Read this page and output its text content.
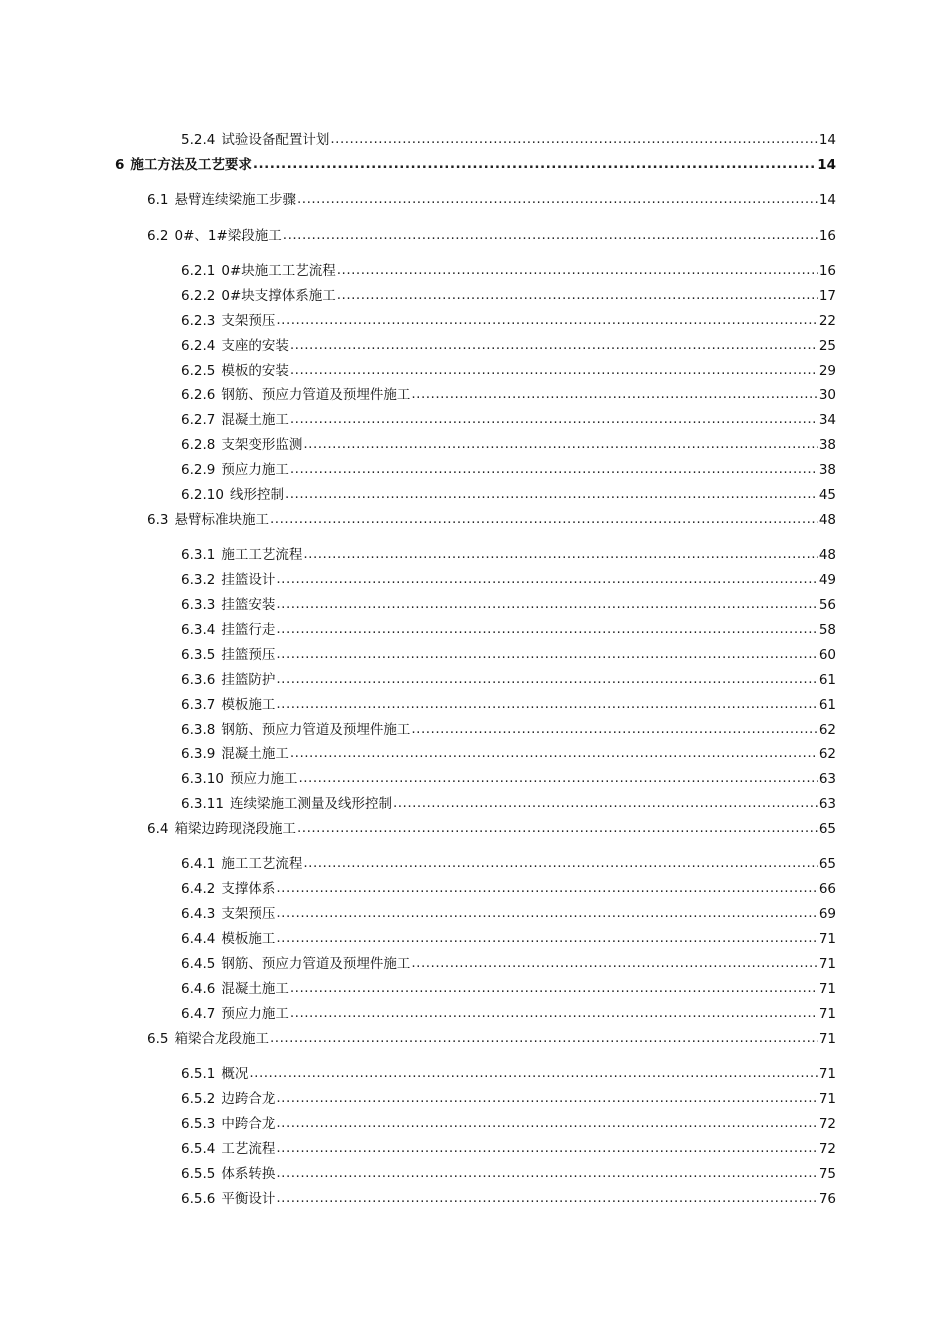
5.2.4 试验设备配置计划 .....	14
6 施工方法及工艺要求 .....	14
6.1 悬臂连续梁施工步骤 .....	14
6.2 0#、1#梁段施工 .....	16
6.2.1 0#块施工工艺流程 .....	16
6.2.2 0#块支撑体系施工 .....	17
6.2.3 支架预压 .....	22
6.2.4 支座的安装 .....	25
6.2.5 模板的安装 .....	29
6.2.6 钢筋、预应力管道及预埋件施工 .....	30
6.2.7 混凝土施工 .....	34
6.2.8 支架变形监测 .....	38
6.2.9 预应力施工 .....	38
6.2.10 线形控制 .....	45
6.3 悬臂标准块施工 .....	48
6.3.1 施工工艺流程 .....	48
6.3.2 挂篮设计 .....	49
6.3.3 挂篮安装 .....	56
6.3.4 挂篮行走 .....	58
6.3.5 挂篮预压 .....	60
6.3.6 挂篮防护 .....	61
6.3.7 模板施工 .....	61
6.3.8 钢筋、预应力管道及预埋件施工 .....	62
6.3.9 混凝土施工 .....	62
6.3.10 预应力施工 .....	63
6.3.11 连续梁施工测量及线形控制 .....	63
6.4 箱梁边跨现浇段施工 .....	65
6.4.1 施工工艺流程 .....	65
6.4.2 支撑体系 .....	66
6.4.3 支架预压 .....	69
6.4.4 模板施工 .....	71
6.4.5 钢筋、预应力管道及预埋件施工 .....	71
6.4.6 混凝土施工 .....	71
6.4.7 预应力施工 .....	71
6.5 箱梁合龙段施工 .....	71
6.5.1 概况 .....	71
6.5.2 边跨合龙 .....	71
6.5.3 中跨合龙 .....	72
6.5.4 工艺流程 .....	72
6.5.5 体系转换 .....	75
6.5.6 平衡设计 .....	76
